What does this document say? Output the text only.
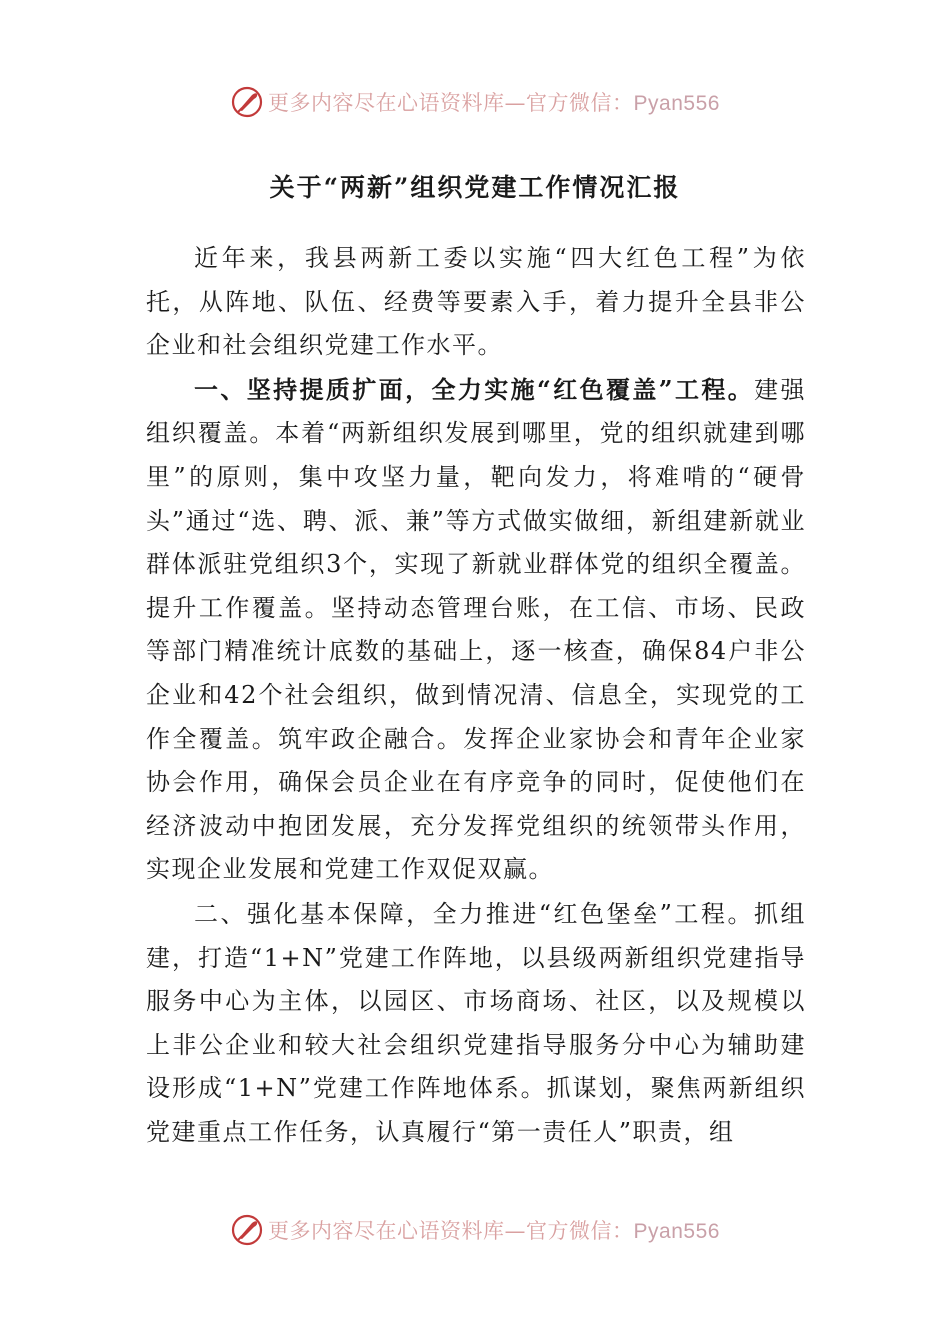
更多内容尽在心语资料库—官方微信：Pyan556
关于“两新”组织党建工作情况汇报

近年来，我县两新工委以实施“四大红色工程”为依托，从阵地、队伍、经费等要素入手，着力提升全县非公企业和社会组织党建工作水平。

一、坚持提质扩面，全力实施“红色覆盖”工程。建强组织覆盖。本着“两新组织发展到哪里，党的组织就建到哪里”的原则，集中攻坚力量，靶向发力，将难啃的“硬骨头”通过“选、聘、派、兼”等方式做实做细，新组建新就业群体派驻党组织3个，实现了新就业群体党的组织全覆盖。提升工作覆盖。坚持动态管理台账，在工信、市场、民政等部门精准统计底数的基础上，逐一核查，确保84户非公企业和42个社会组织，做到情况清、信息全，实现党的工作全覆盖。筑牢政企融合。发挥企业家协会和青年企业家协会作用，确保会员企业在有序竞争的同时，促使他们在经济波动中抱团发展，充分发挥党组织的统领带头作用，实现企业发展和党建工作双促双赢。

二、强化基本保障，全力推进“红色堡垒”工程。抓组建，打造“1+N”党建工作阵地，以县级两新组织党建指导服务中心为主体，以园区、市场商场、社区，以及规模以上非公企业和较大社会组织党建指导服务分中心为辅助建设形成“1+N”党建工作阵地体系。抓谋划，聚焦两新组织党建重点工作任务，认真履行“第一责任人”职责，组

更多内容尽在心语资料库—官方微信：Pyan556
